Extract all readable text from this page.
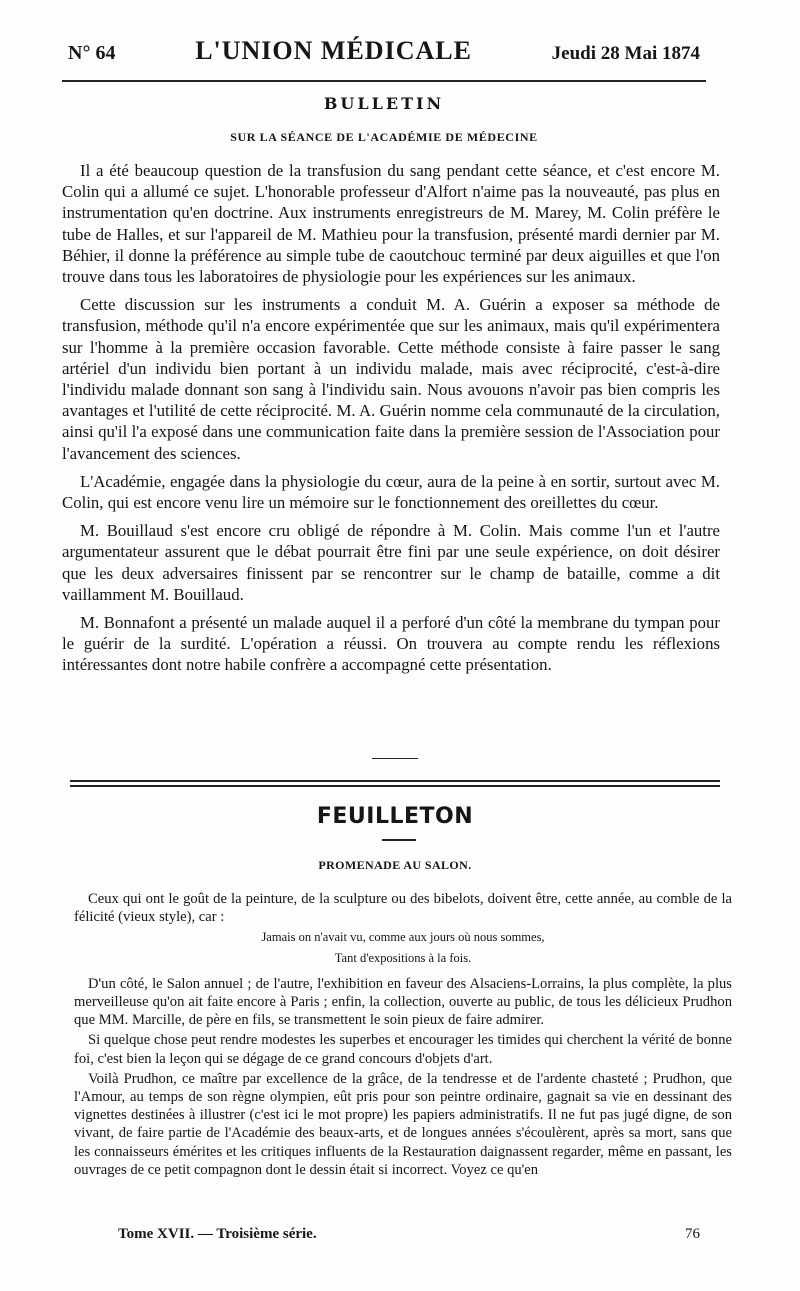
N° 64	L'UNION MÉDICALE	Jeudi 28 Mai 1874
BULLETIN
SUR LA SÉANCE DE L'ACADÉMIE DE MÉDECINE

Il a été beaucoup question de la transfusion du sang pendant cette séance, et c'est encore M. Colin qui a allumé ce sujet. L'honorable professeur d'Alfort n'aime pas la nouveauté, pas plus en instrumentation qu'en doctrine. Aux instruments enregistreurs de M. Marey, M. Colin préfère le tube de Halles, et sur l'appareil de M. Mathieu pour la transfusion, présenté mardi dernier par M. Béhier, il donne la préférence au simple tube de caoutchouc terminé par deux aiguilles et que l'on trouve dans tous les laboratoires de physiologie pour les expériences sur les animaux.

Cette discussion sur les instruments a conduit M. A. Guérin a exposer sa méthode de transfusion, méthode qu'il n'a encore expérimentée que sur les animaux, mais qu'il expérimentera sur l'homme à la première occasion favorable. Cette méthode consiste à faire passer le sang artériel d'un individu bien portant à un individu malade, mais avec réciprocité, c'est-à-dire l'individu malade donnant son sang à l'individu sain. Nous avouons n'avoir pas bien compris les avantages et l'utilité de cette réciprocité. M. A. Guérin nomme cela communauté de la circulation, ainsi qu'il l'a exposé dans une communication faite dans la première session de l'Association pour l'avancement des sciences.

L'Académie, engagée dans la physiologie du cœur, aura de la peine à en sortir, surtout avec M. Colin, qui est encore venu lire un mémoire sur le fonctionnement des oreillettes du cœur.

M. Bouillaud s'est encore cru obligé de répondre à M. Colin. Mais comme l'un et l'autre argumentateur assurent que le débat pourrait être fini par une seule expérience, on doit désirer que les deux adversaires finissent par se rencontrer sur le champ de bataille, comme a dit vaillamment M. Bouillaud.

M. Bonnafont a présenté un malade auquel il a perforé d'un côté la membrane du tympan pour le guérir de la surdité. L'opération a réussi. On trouvera au compte rendu les réflexions intéressantes dont notre habile confrère a accompagné cette présentation.

FEUILLETON
PROMENADE AU SALON.

Ceux qui ont le goût de la peinture, de la sculpture ou des bibelots, doivent être, cette année, au comble de la félicité (vieux style), car :

Jamais on n'avait vu, comme aux jours où nous sommes,

Tant d'expositions à la fois.

D'un côté, le Salon annuel ; de l'autre, l'exhibition en faveur des Alsaciens-Lorrains, la plus complète, la plus merveilleuse qu'on ait faite encore à Paris ; enfin, la collection, ouverte au public, de tous les délicieux Prudhon que MM. Marcille, de père en fils, se transmettent le soin pieux de faire admirer.

Si quelque chose peut rendre modestes les superbes et encourager les timides qui cherchent la vérité de bonne foi, c'est bien la leçon qui se dégage de ce grand concours d'objets d'art.

Voilà Prudhon, ce maître par excellence de la grâce, de la tendresse et de l'ardente chasteté ; Prudhon, que l'Amour, au temps de son règne olympien, eût pris pour son peintre ordinaire, gagnait sa vie en dessinant des vignettes destinées à illustrer (c'est ici le mot propre) les papiers administratifs. Il ne fut pas jugé digne, de son vivant, de faire partie de l'Académie des beaux-arts, et de longues années s'écoulèrent, après sa mort, sans que les connaisseurs émérites et les critiques influents de la Restauration daignassent regarder, même en passant, les ouvrages de ce petit compagnon dont le dessin était si incorrect. Voyez ce qu'en

Tome XVII. — Troisième série.	76
